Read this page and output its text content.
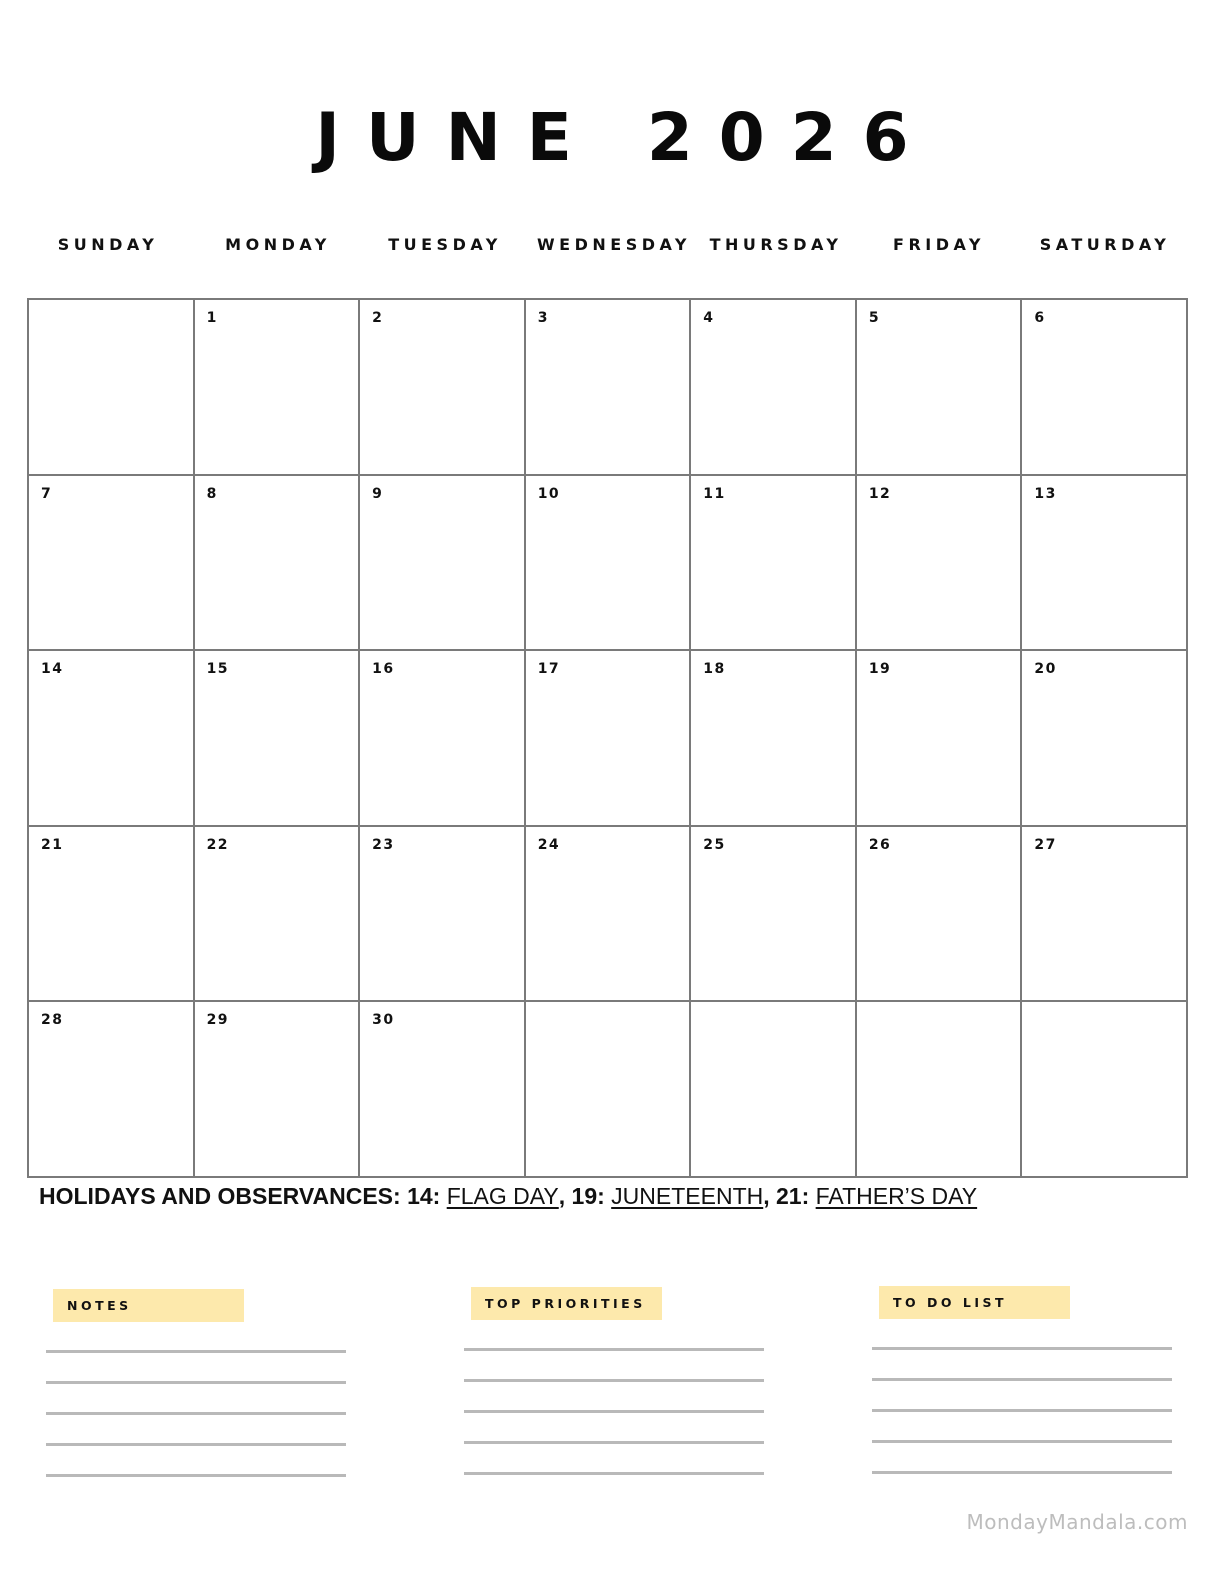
JUNE 2026
SUNDAY	MONDAY	TUESDAY	WEDNESDAY	THURSDAY	FRIDAY	SATURDAY

	1	2	3	4	5	6

7	8	9	10	11	12	13

14	15	16	17	18	19	20

21	22	23	24	25	26	27

28	29	30				

HOLIDAYS AND OBSERVANCES: 14: FLAG DAY, 19: JUNETEENTH, 21: FATHER’S DAY
NOTES	TOP PRIORITIES	TO DO LIST
MondayMandala.com
